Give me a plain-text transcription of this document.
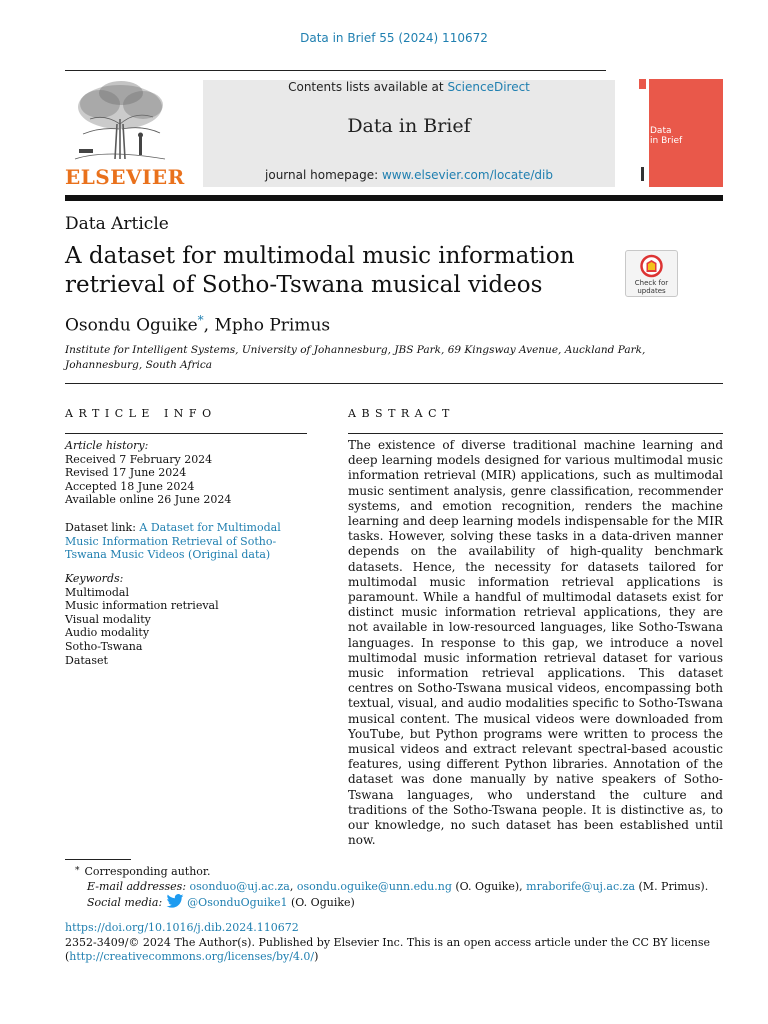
Data in Brief 55 (2024) 110672
ELSEVIER
Contents lists available at ScienceDirect
Data in Brief
journal homepage: www.elsevier.com/locate/dib
Data
in Brief
Data Article
A dataset for multimodal music information retrieval of Sotho-Tswana musical videos	Check for
updates
Osondu Oguike*, Mpho Primus
Institute for Intelligent Systems, University of Johannesburg, JBS Park, 69 Kingsway Avenue, Auckland Park, Johannesburg, South Africa
ARTICLE INFO	ABSTRACT
Article history:
Received 7 February 2024
Revised 17 June 2024
Accepted 18 June 2024
Available online 26 June 2024
Dataset link: A Dataset for Multimodal Music Information Retrieval of Sotho-Tswana Music Videos (Original data)
Keywords:
Multimodal
Music information retrieval
Visual modality
Audio modality
Sotho-Tswana
Dataset
The existence of diverse traditional machine learning and deep learning models designed for various multimodal music information retrieval (MIR) applications, such as multimodal music sentiment analysis, genre classification, recommender systems, and emotion recognition, renders the machine learning and deep learning models indispensable for the MIR tasks. However, solving these tasks in a data-driven manner depends on the availability of high-quality benchmark datasets. Hence, the necessity for datasets tailored for multimodal music information retrieval applications is paramount. While a handful of multimodal datasets exist for distinct music information retrieval applications, they are not available in low-resourced languages, like Sotho-Tswana languages. In response to this gap, we introduce a novel multimodal music information retrieval dataset for various music information retrieval applications. This dataset centres on Sotho-Tswana musical videos, encompassing both textual, visual, and audio modalities specific to Sotho-Tswana musical content. The musical videos were downloaded from YouTube, but Python programs were written to process the musical videos and extract relevant spectral-based acoustic features, using different Python libraries. Annotation of the dataset was done manually by native speakers of Sotho-Tswana languages, who understand the culture and traditions of the Sotho-Tswana people. It is distinctive as, to our knowledge, no such dataset has been established until now.
* Corresponding author.
E-mail addresses: osonduo@uj.ac.za, osondu.oguike@unn.edu.ng (O. Oguike), mraborife@uj.ac.za (M. Primus).
Social media:  @OsonduOguike1 (O. Oguike)
https://doi.org/10.1016/j.dib.2024.110672
2352-3409/© 2024 The Author(s). Published by Elsevier Inc. This is an open access article under the CC BY license
(http://creativecommons.org/licenses/by/4.0/)
